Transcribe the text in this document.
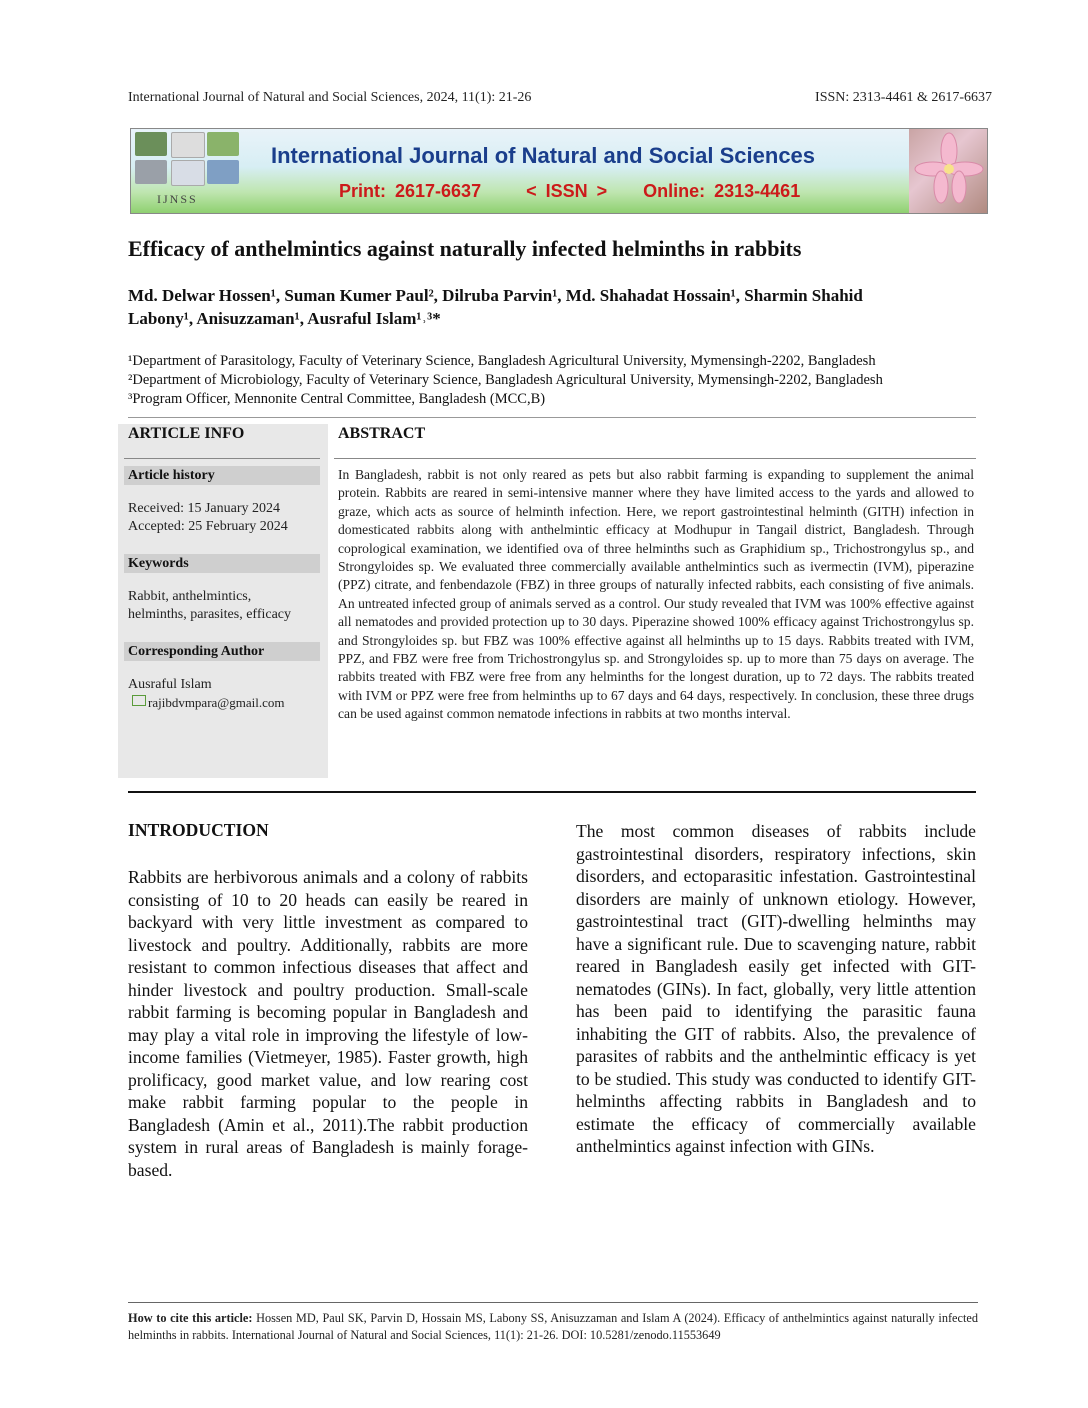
International Journal of Natural and Social Sciences, 2024, 11(1): 21-26	ISSN: 2313-4461 & 2617-6637
IJNSS
International Journal of Natural and Social Sciences
Print: 2617-6637     < ISSN >    Online: 2313-4461
Efficacy of anthelmintics against naturally infected helminths in rabbits
Md. Delwar Hossen¹, Suman Kumer Paul², Dilruba Parvin¹, Md. Shahadat Hossain¹, Sharmin Shahid
Labony¹, Anisuzzaman¹, Ausraful Islam¹˒³*
¹Department of Parasitology, Faculty of Veterinary Science, Bangladesh Agricultural University, Mymensingh-2202, Bangladesh
²Department of Microbiology, Faculty of Veterinary Science, Bangladesh Agricultural University, Mymensingh-2202, Bangladesh
³Program Officer, Mennonite Central Committee, Bangladesh (MCC,B)
ARTICLE INFO
Article history
Received: 15 January 2024
Accepted: 25 February 2024
Keywords
Rabbit, anthelmintics,
helminths, parasites, efficacy
Corresponding Author
Ausraful Islam
rajibdvmpara@gmail.com
ABSTRACT
In Bangladesh, rabbit is not only reared as pets but also rabbit farming is expanding to supplement the animal protein. Rabbits are reared in semi-intensive manner where they have limited access to the yards and allowed to graze, which acts as source of helminth infection. Here, we report gastrointestinal helminth (GITH) infection in domesticated rabbits along with anthelmintic efficacy at Modhupur in Tangail district, Bangladesh. Through coprological examination, we identified ova of three helminths such as Graphidium sp., Trichostrongylus sp., and Strongyloides sp. We evaluated three commercially available anthelmintics such as ivermectin (IVM), piperazine (PPZ) citrate, and fenbendazole (FBZ) in three groups of naturally infected rabbits, each consisting of five animals. An untreated infected group of animals served as a control. Our study revealed that IVM was 100% effective against all nematodes and provided protection up to 30 days. Piperazine showed 100% efficacy against Trichostrongylus sp. and Strongyloides sp. but FBZ was 100% effective against all helminths up to 15 days. Rabbits treated with IVM, PPZ, and FBZ were free from Trichostrongylus sp. and Strongyloides sp. up to more than 75 days on average. The rabbits treated with FBZ were free from any helminths for the longest duration, up to 72 days. The rabbits treated with IVM or PPZ were free from helminths up to 67 days and 64 days, respectively. In conclusion, these three drugs can be used against common nematode infections in rabbits at two months interval.
INTRODUCTION
Rabbits are herbivorous animals and a colony of rabbits consisting of 10 to 20 heads can easily be reared in backyard with very little investment as compared to livestock and poultry. Additionally, rabbits are more resistant to common infectious diseases that affect and hinder livestock and poultry production. Small-scale rabbit farming is becoming popular in Bangladesh and may play a vital role in improving the lifestyle of low-income families (Vietmeyer, 1985). Faster growth, high prolificacy, good market value, and low rearing cost make rabbit farming popular to the people in Bangladesh (Amin et al., 2011).The rabbit production system in rural areas of Bangladesh is mainly forage-based.
The most common diseases of rabbits include gastrointestinal disorders, respiratory infections, skin disorders, and ectoparasitic infestation. Gastrointestinal disorders are mainly of unknown etiology. However, gastrointestinal tract (GIT)-dwelling helminths may have a significant rule. Due to scavenging nature, rabbit reared in Bangladesh easily get infected with GIT-nematodes (GINs). In fact, globally, very little attention has been paid to identifying the parasitic fauna inhabiting the GIT of rabbits. Also, the prevalence of parasites of rabbits and the anthelmintic efficacy is yet to be studied. This study was conducted to identify GIT-helminths affecting rabbits in Bangladesh and to estimate the efficacy of commercially available anthelmintics against infection with GINs.
How to cite this article: Hossen MD, Paul SK, Parvin D, Hossain MS, Labony SS, Anisuzzaman and Islam A (2024). Efficacy of anthelmintics against naturally infected helminths in rabbits. International Journal of Natural and Social Sciences, 11(1): 21-26. DOI: 10.5281/zenodo.11553649
